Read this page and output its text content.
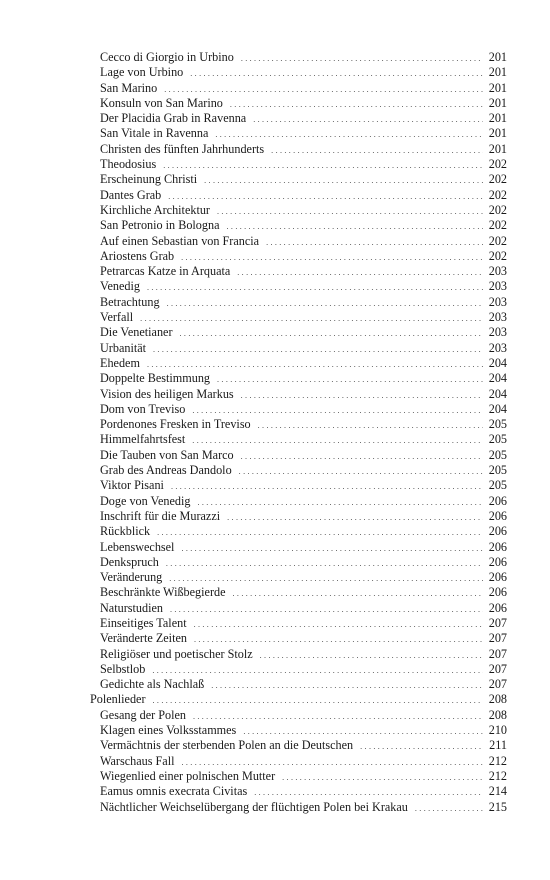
Cecco di Giorgio in Urbino . . .	201
Lage von Urbino . . .	201
San Marino . . .	201
Konsuln von San Marino . . .	201
Der Placidia Grab in Ravenna . . .	201
San Vitale in Ravenna . . .	201
Christen des fünften Jahrhunderts . . .	201
Theodosius . . .	202
Erscheinung Christi . . .	202
Dantes Grab . . .	202
Kirchliche Architektur . . .	202
San Petronio in Bologna . . .	202
Auf einen Sebastian von Francia . . .	202
Ariostens Grab . . .	202
Petrarcas Katze in Arquata . . .	203
Venedig . . .	203
Betrachtung . . .	203
Verfall . . .	203
Die Venetianer . . .	203
Urbanität . . .	203
Ehedem . . .	204
Doppelte Bestimmung . . .	204
Vision des heiligen Markus . . .	204
Dom von Treviso . . .	204
Pordenones Fresken in Treviso . . .	205
Himmelfahrtsfest . . .	205
Die Tauben von San Marco . . .	205
Grab des Andreas Dandolo . . .	205
Viktor Pisani . . .	205
Doge von Venedig . . .	206
Inschrift für die Murazzi . . .	206
Rückblick . . .	206
Lebenswechsel . . .	206
Denkspruch . . .	206
Veränderung . . .	206
Beschränkte Wißbegierde . . .	206
Naturstudien . . .	206
Einseitiges Talent . . .	207
Veränderte Zeiten . . .	207
Religiöser und poetischer Stolz . . .	207
Selbstlob . . .	207
Gedichte als Nachlaß . . .	207
Polenlieder . . .	208
Gesang der Polen . . .	208
Klagen eines Volksstammes . . .	210
Vermächtnis der sterbenden Polen an die Deutschen . . .	211
Warschaus Fall . . .	212
Wiegenlied einer polnischen Mutter . . .	212
Eamus omnis execrata Civitas . . .	214
Nächtlicher Weichselübergang der flüchtigen Polen bei Krakau . . .	215
